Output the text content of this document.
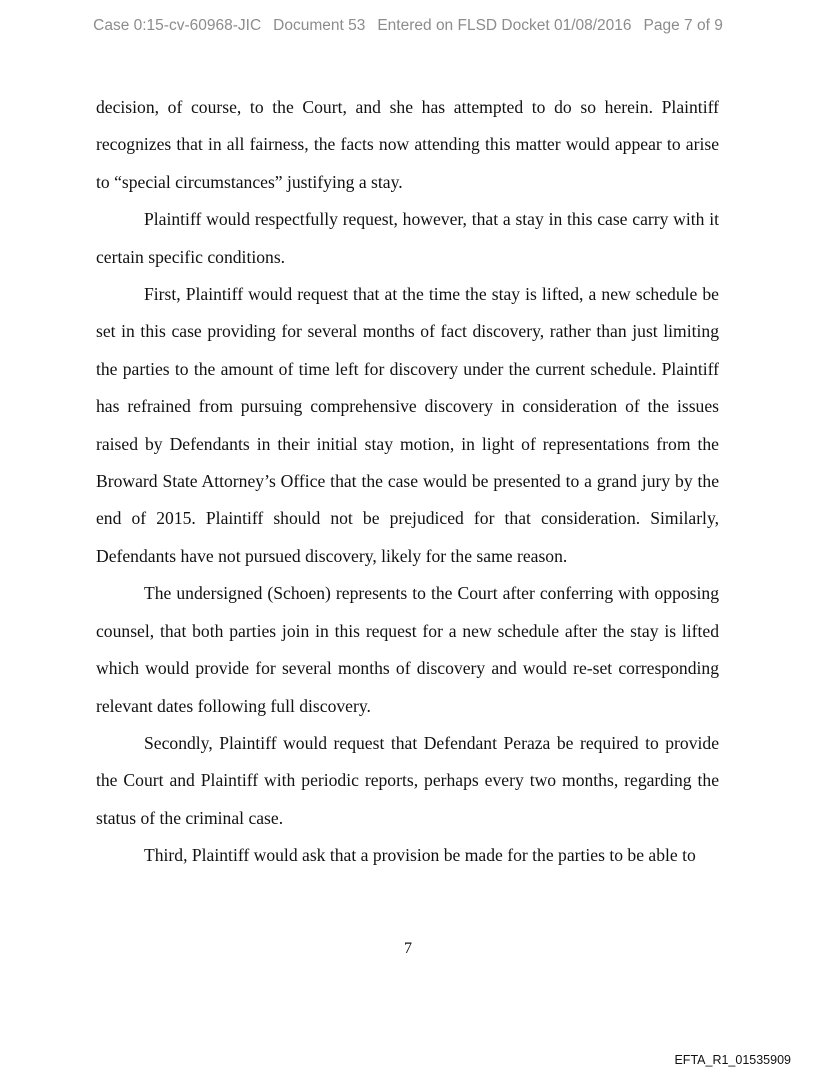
Case 0:15-cv-60968-JIC Document 53 Entered on FLSD Docket 01/08/2016 Page 7 of 9

decision, of course, to the Court, and she has attempted to do so herein. Plaintiff recognizes that in all fairness, the facts now attending this matter would appear to arise to “special circumstances” justifying a stay.

Plaintiff would respectfully request, however, that a stay in this case carry with it certain specific conditions.

First, Plaintiff would request that at the time the stay is lifted, a new schedule be set in this case providing for several months of fact discovery, rather than just limiting the parties to the amount of time left for discovery under the current schedule. Plaintiff has refrained from pursuing comprehensive discovery in consideration of the issues raised by Defendants in their initial stay motion, in light of representations from the Broward State Attorney’s Office that the case would be presented to a grand jury by the end of 2015. Plaintiff should not be prejudiced for that consideration. Similarly, Defendants have not pursued discovery, likely for the same reason.

The undersigned (Schoen) represents to the Court after conferring with opposing counsel, that both parties join in this request for a new schedule after the stay is lifted which would provide for several months of discovery and would re-set corresponding relevant dates following full discovery.

Secondly, Plaintiff would request that Defendant Peraza be required to provide the Court and Plaintiff with periodic reports, perhaps every two months, regarding the status of the criminal case.

Third, Plaintiff would ask that a provision be made for the parties to be able to

7
EFTA_R1_01535909
